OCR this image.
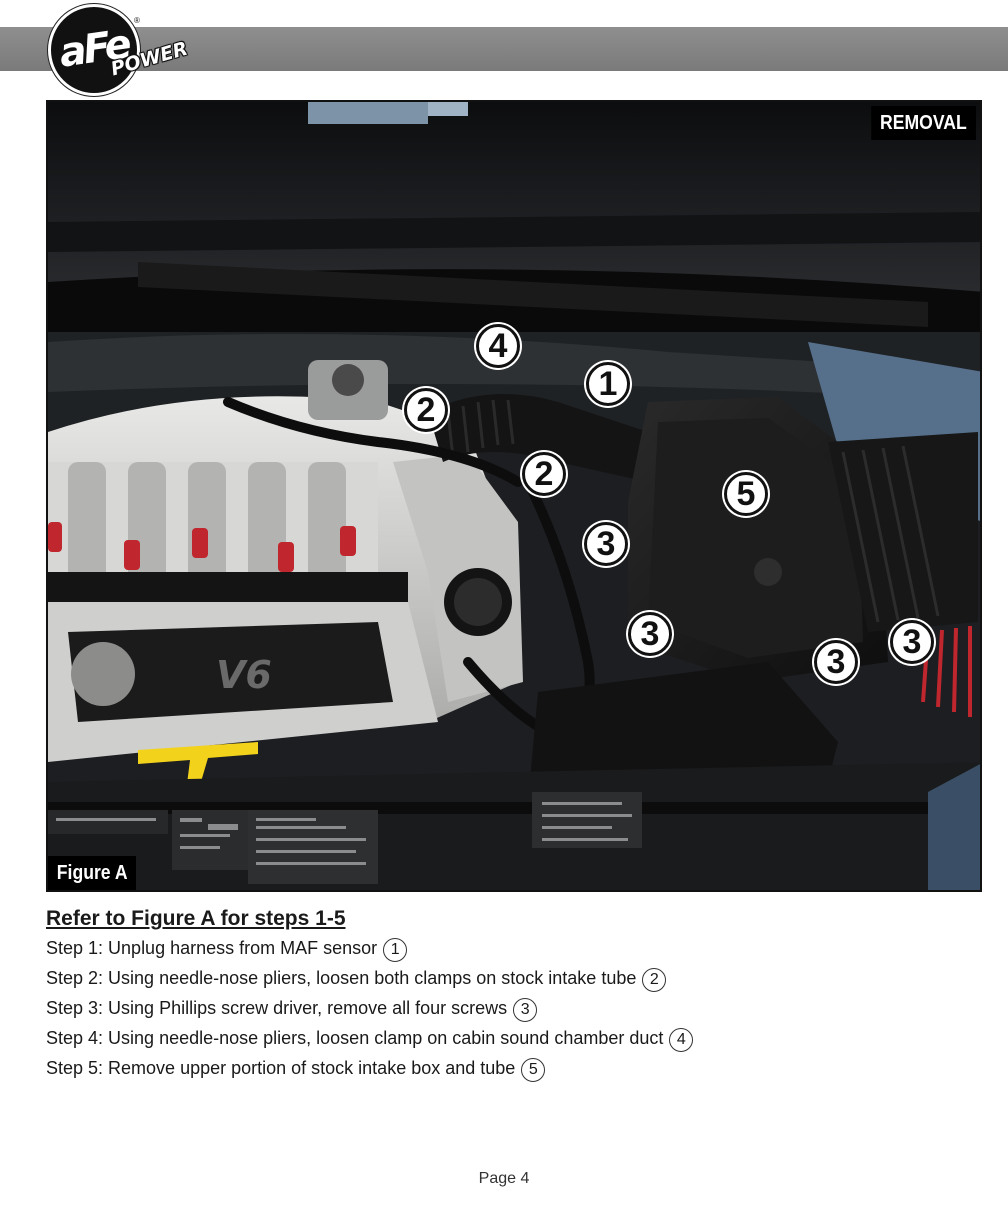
aFe
POWER
®
V6
REMOVAL
Figure A
4
1
2
2
3
5
3
3
3
Refer to Figure A for steps 1-5
Step 1: Unplug harness from MAF sensor 1
Step 2: Using needle-nose pliers, loosen both clamps on stock intake tube 2
Step 3: Using Phillips screw driver, remove all four screws 3
Step 4: Using needle-nose pliers, loosen clamp on cabin sound chamber duct 4
Step 5: Remove upper portion of stock intake box and tube 5
Page 4
